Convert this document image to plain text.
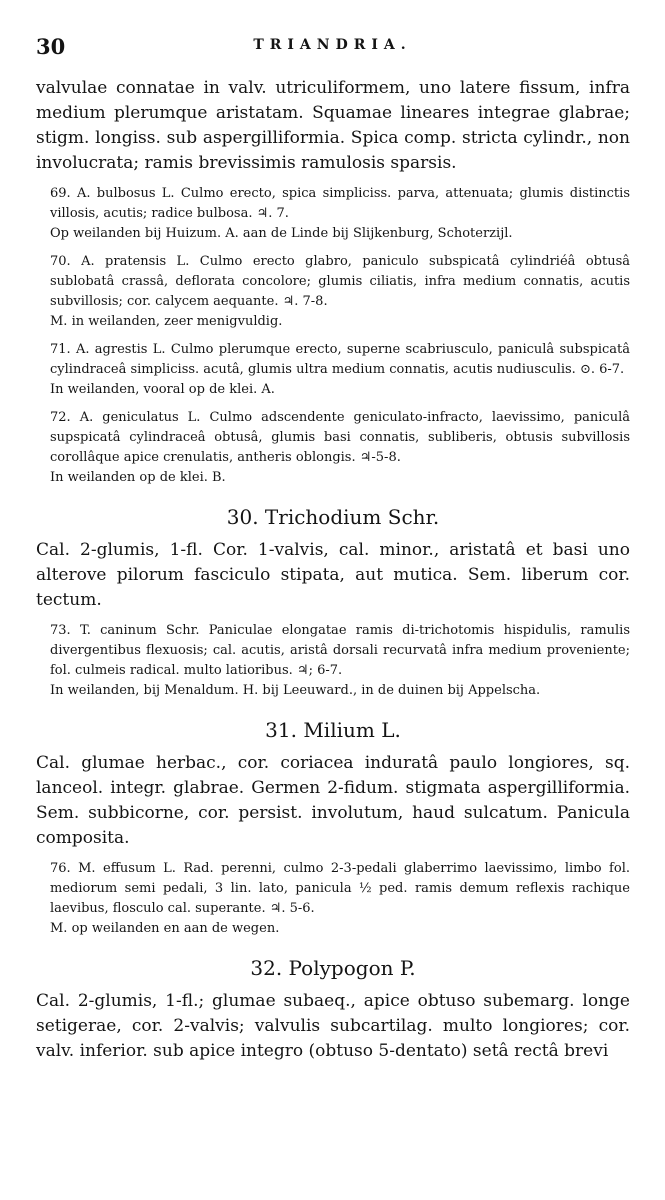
30	TRIANDRIA.

valvulae connatae in valv. utriculiformem, uno latere fissum, infra medium plerumque aristatam. Squamae lineares integrae glabrae; stigm. longiss. sub aspergilliformia. Spica comp. stricta cylindr., non involucrata; ramis brevissimis ramulosis sparsis.

69. A. bulbosus L. Culmo erecto, spica simpliciss. parva, attenuata; glumis distinctis villosis, acutis; radice bulbosa. ♃. 7.

Op weilanden bij Huizum. A. aan de Linde bij Slijkenburg, Schoterzijl.

70. A. pratensis L. Culmo erecto glabro, paniculo subspicatâ cylindriéâ obtusâ sublobatâ crassâ, deflorata concolore; glumis ciliatis, infra medium connatis, acutis subvillosis; cor. calycem aequante. ♃. 7-8.

M. in weilanden, zeer menigvuldig.

71. A. agrestis L. Culmo plerumque erecto, superne scabriusculo, paniculâ subspicatâ cylindraceâ simpliciss. acutâ, glumis ultra medium connatis, acutis nudiusculis. ⊙. 6-7.

In weilanden, vooral op de klei. A.

72. A. geniculatus L. Culmo adscendente geniculato-infracto, laevissimo, paniculâ supspicatâ cylindraceâ obtusâ, glumis basi connatis, subliberis, obtusis subvillosis corollâque apice crenulatis, antheris oblongis. ♃-5-8.

In weilanden op de klei. B.

30. Trichodium Schr.

Cal. 2-glumis, 1-fl. Cor. 1-valvis, cal. minor., aristatâ et basi uno alterove pilorum fasciculo stipata, aut mutica. Sem. liberum cor. tectum.

73. T. caninum Schr. Paniculae elongatae ramis di-trichotomis hispidulis, ramulis divergentibus flexuosis; cal. acutis, aristâ dorsali recurvatâ infra medium proveniente; fol. culmeis radical. multo latioribus. ♃; 6-7.

In weilanden, bij Menaldum. H. bij Leeuward., in de duinen bij Appelscha.

31. Milium L.

Cal. glumae herbac., cor. coriacea induratâ paulo longiores, sq. lanceol. integr. glabrae. Germen 2-fidum. stigmata aspergilliformia. Sem. subbicorne, cor. persist. involutum, haud sulcatum. Panicula composita.

76. M. effusum L. Rad. perenni, culmo 2-3-pedali glaberrimo laevissimo, limbo fol. mediorum semi pedali, 3 lin. lato, panicula ½ ped. ramis demum reflexis rachique laevibus, flosculo cal. superante. ♃. 5-6.

M. op weilanden en aan de wegen.

32. Polypogon P.

Cal. 2-glumis, 1-fl.; glumae subaeq., apice obtuso subemarg. longe setigerae, cor. 2-valvis; valvulis subcartilag. multo longiores; cor. valv. inferior. sub apice integro (obtuso 5-dentato) setâ rectâ brevi
